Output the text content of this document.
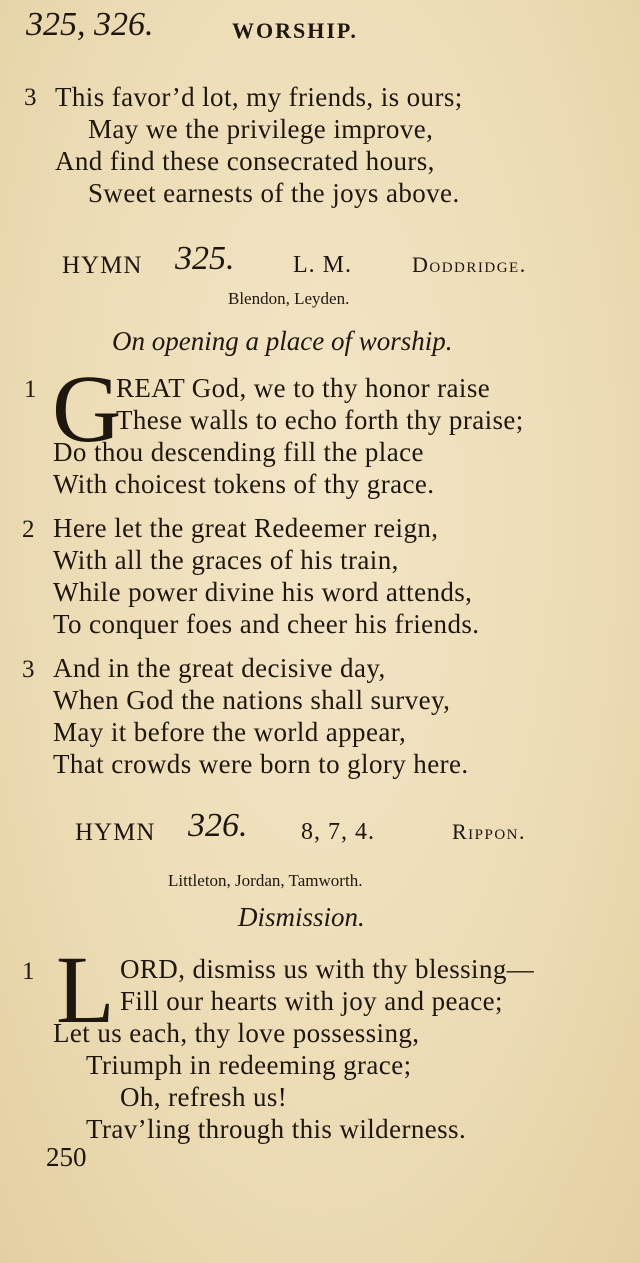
325, 326.	WORSHIP.
3 This favor’d lot, my friends, is ours;
May we the privilege improve,
And find these consecrated hours,
Sweet earnests of the joys above.
HYMN 325. L. M.	Doddridge.
Blendon, Leyden.
On opening a place of worship.
1 G
REAT God, we to thy honor raise
These walls to echo forth thy praise;
Do thou descending fill the place
With choicest tokens of thy grace.
2 Here let the great Redeemer reign,
With all the graces of his train,
While power divine his word attends,
To conquer foes and cheer his friends.
3 And in the great decisive day,
When God the nations shall survey,
May it before the world appear,
That crowds were born to glory here.
HYMN 326. 8, 7, 4.	Rippon.
Littleton, Jordan, Tamworth.
Dismission.
1 L ORD, dismiss us with thy blessing—
Fill our hearts with joy and peace;
Let us each, thy love possessing,
Triumph in redeeming grace;
Oh, refresh us!
Trav’ling through this wilderness.
250
